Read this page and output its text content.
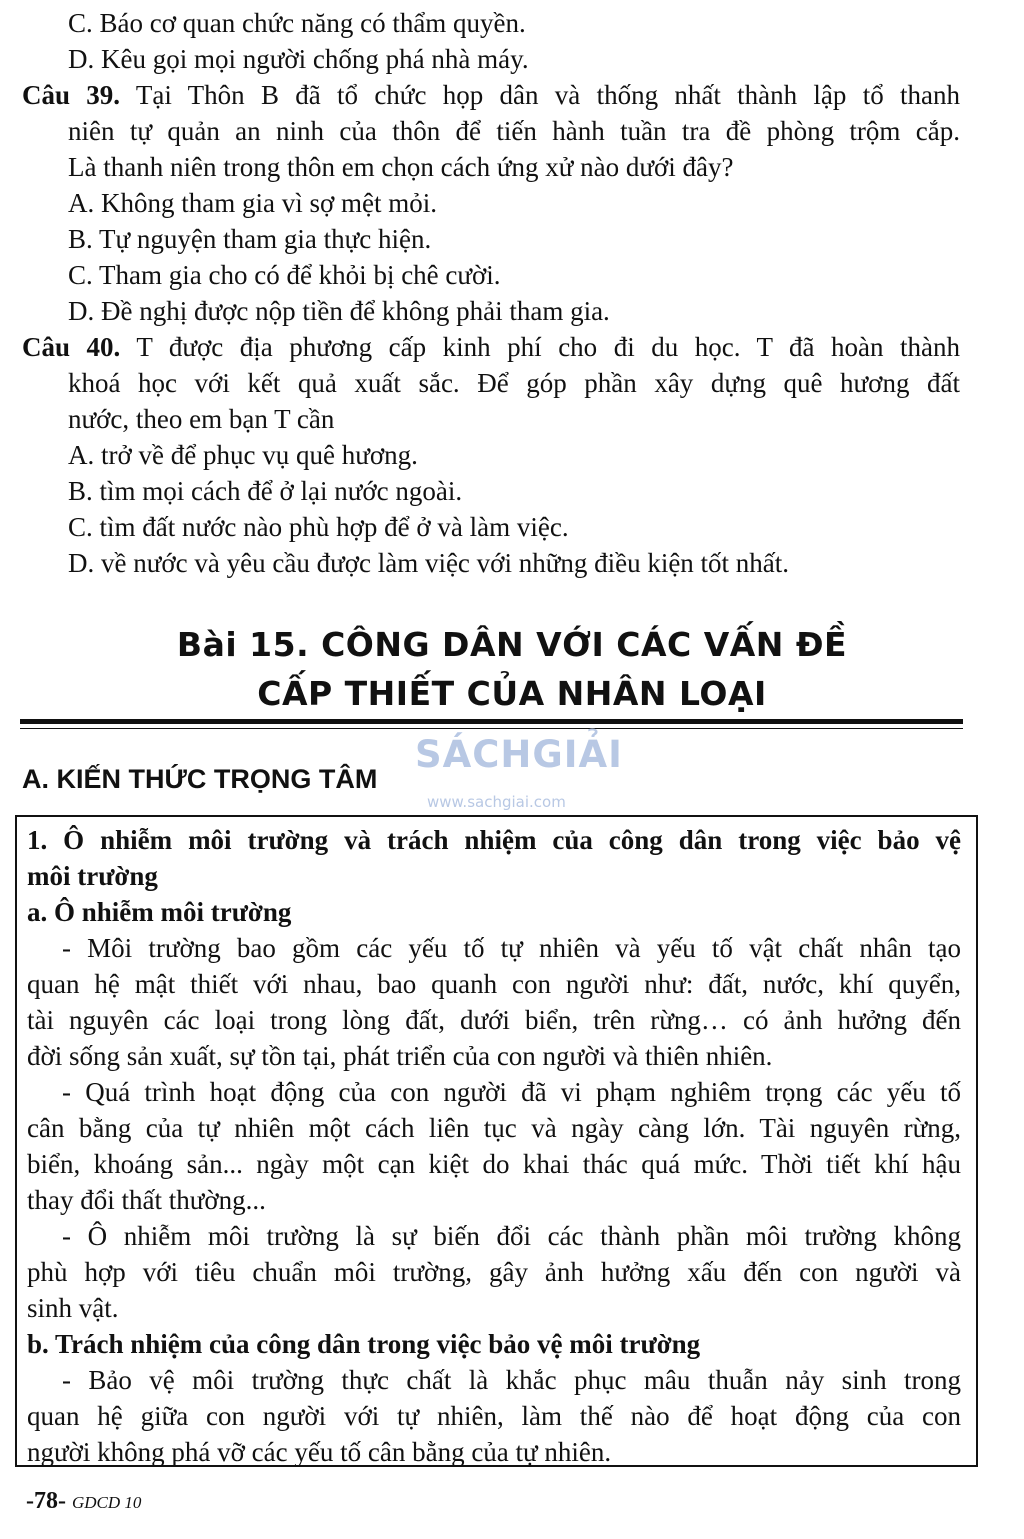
C. Báo cơ quan chức năng có thẩm quyền.
D. Kêu gọi mọi người chống phá nhà máy.
Câu 39. Tại Thôn B đã tổ chức họp dân và thống nhất thành lập tổ thanh
niên tự quản an ninh của thôn để tiến hành tuần tra đề phòng trộm cắp.
Là thanh niên trong thôn em chọn cách ứng xử nào dưới đây?
A. Không tham gia vì sợ mệt mỏi.
B. Tự nguyện tham gia thực hiện.
C. Tham gia cho có để khỏi bị chê cười.
D. Đề nghị được nộp tiền để không phải tham gia.
Câu 40. T được địa phương cấp kinh phí cho đi du học. T đã hoàn thành
khoá học với kết quả xuất sắc. Để góp phần xây dựng quê hương đất
nước, theo em bạn T cần
A. trở về để phục vụ quê hương.
B. tìm mọi cách để ở lại nước ngoài.
C. tìm đất nước nào phù hợp để ở và làm việc.
D. về nước và yêu cầu được làm việc với những điều kiện tốt nhất.
Bài 15. CÔNG DÂN VỚI CÁC VẤN ĐỀ
CẤP THIẾT CỦA NHÂN LOẠI
SÁCHGIẢI
www.sachgiai.com
A. KIẾN THỨC TRỌNG TÂM
1. Ô nhiễm môi trường và trách nhiệm của công dân trong việc bảo vệ
môi trường
a. Ô nhiễm môi trường
- Môi trường bao gồm các yếu tố tự nhiên và yếu tố vật chất nhân tạo
quan hệ mật thiết với nhau, bao quanh con người như: đất, nước, khí quyển,
tài nguyên các loại trong lòng đất, dưới biển, trên rừng… có ảnh hưởng đến
đời sống sản xuất, sự tồn tại, phát triển của con người và thiên nhiên.
- Quá trình hoạt động của con người đã vi phạm nghiêm trọng các yếu tố
cân bằng của tự nhiên một cách liên tục và ngày càng lớn. Tài nguyên rừng,
biển, khoáng sản... ngày một cạn kiệt do khai thác quá mức. Thời tiết khí hậu
thay đổi thất thường...
- Ô nhiễm môi trường là sự biến đổi các thành phần môi trường không
phù hợp với tiêu chuẩn môi trường, gây ảnh hưởng xấu đến con người và
sinh vật.
b. Trách nhiệm của công dân trong việc bảo vệ môi trường
- Bảo vệ môi trường thực chất là khắc phục mâu thuẫn nảy sinh trong
quan hệ giữa con người với tự nhiên, làm thế nào để hoạt động của con
người không phá vỡ các yếu tố cân bằng của tự nhiên.
-78- GDCD 10
